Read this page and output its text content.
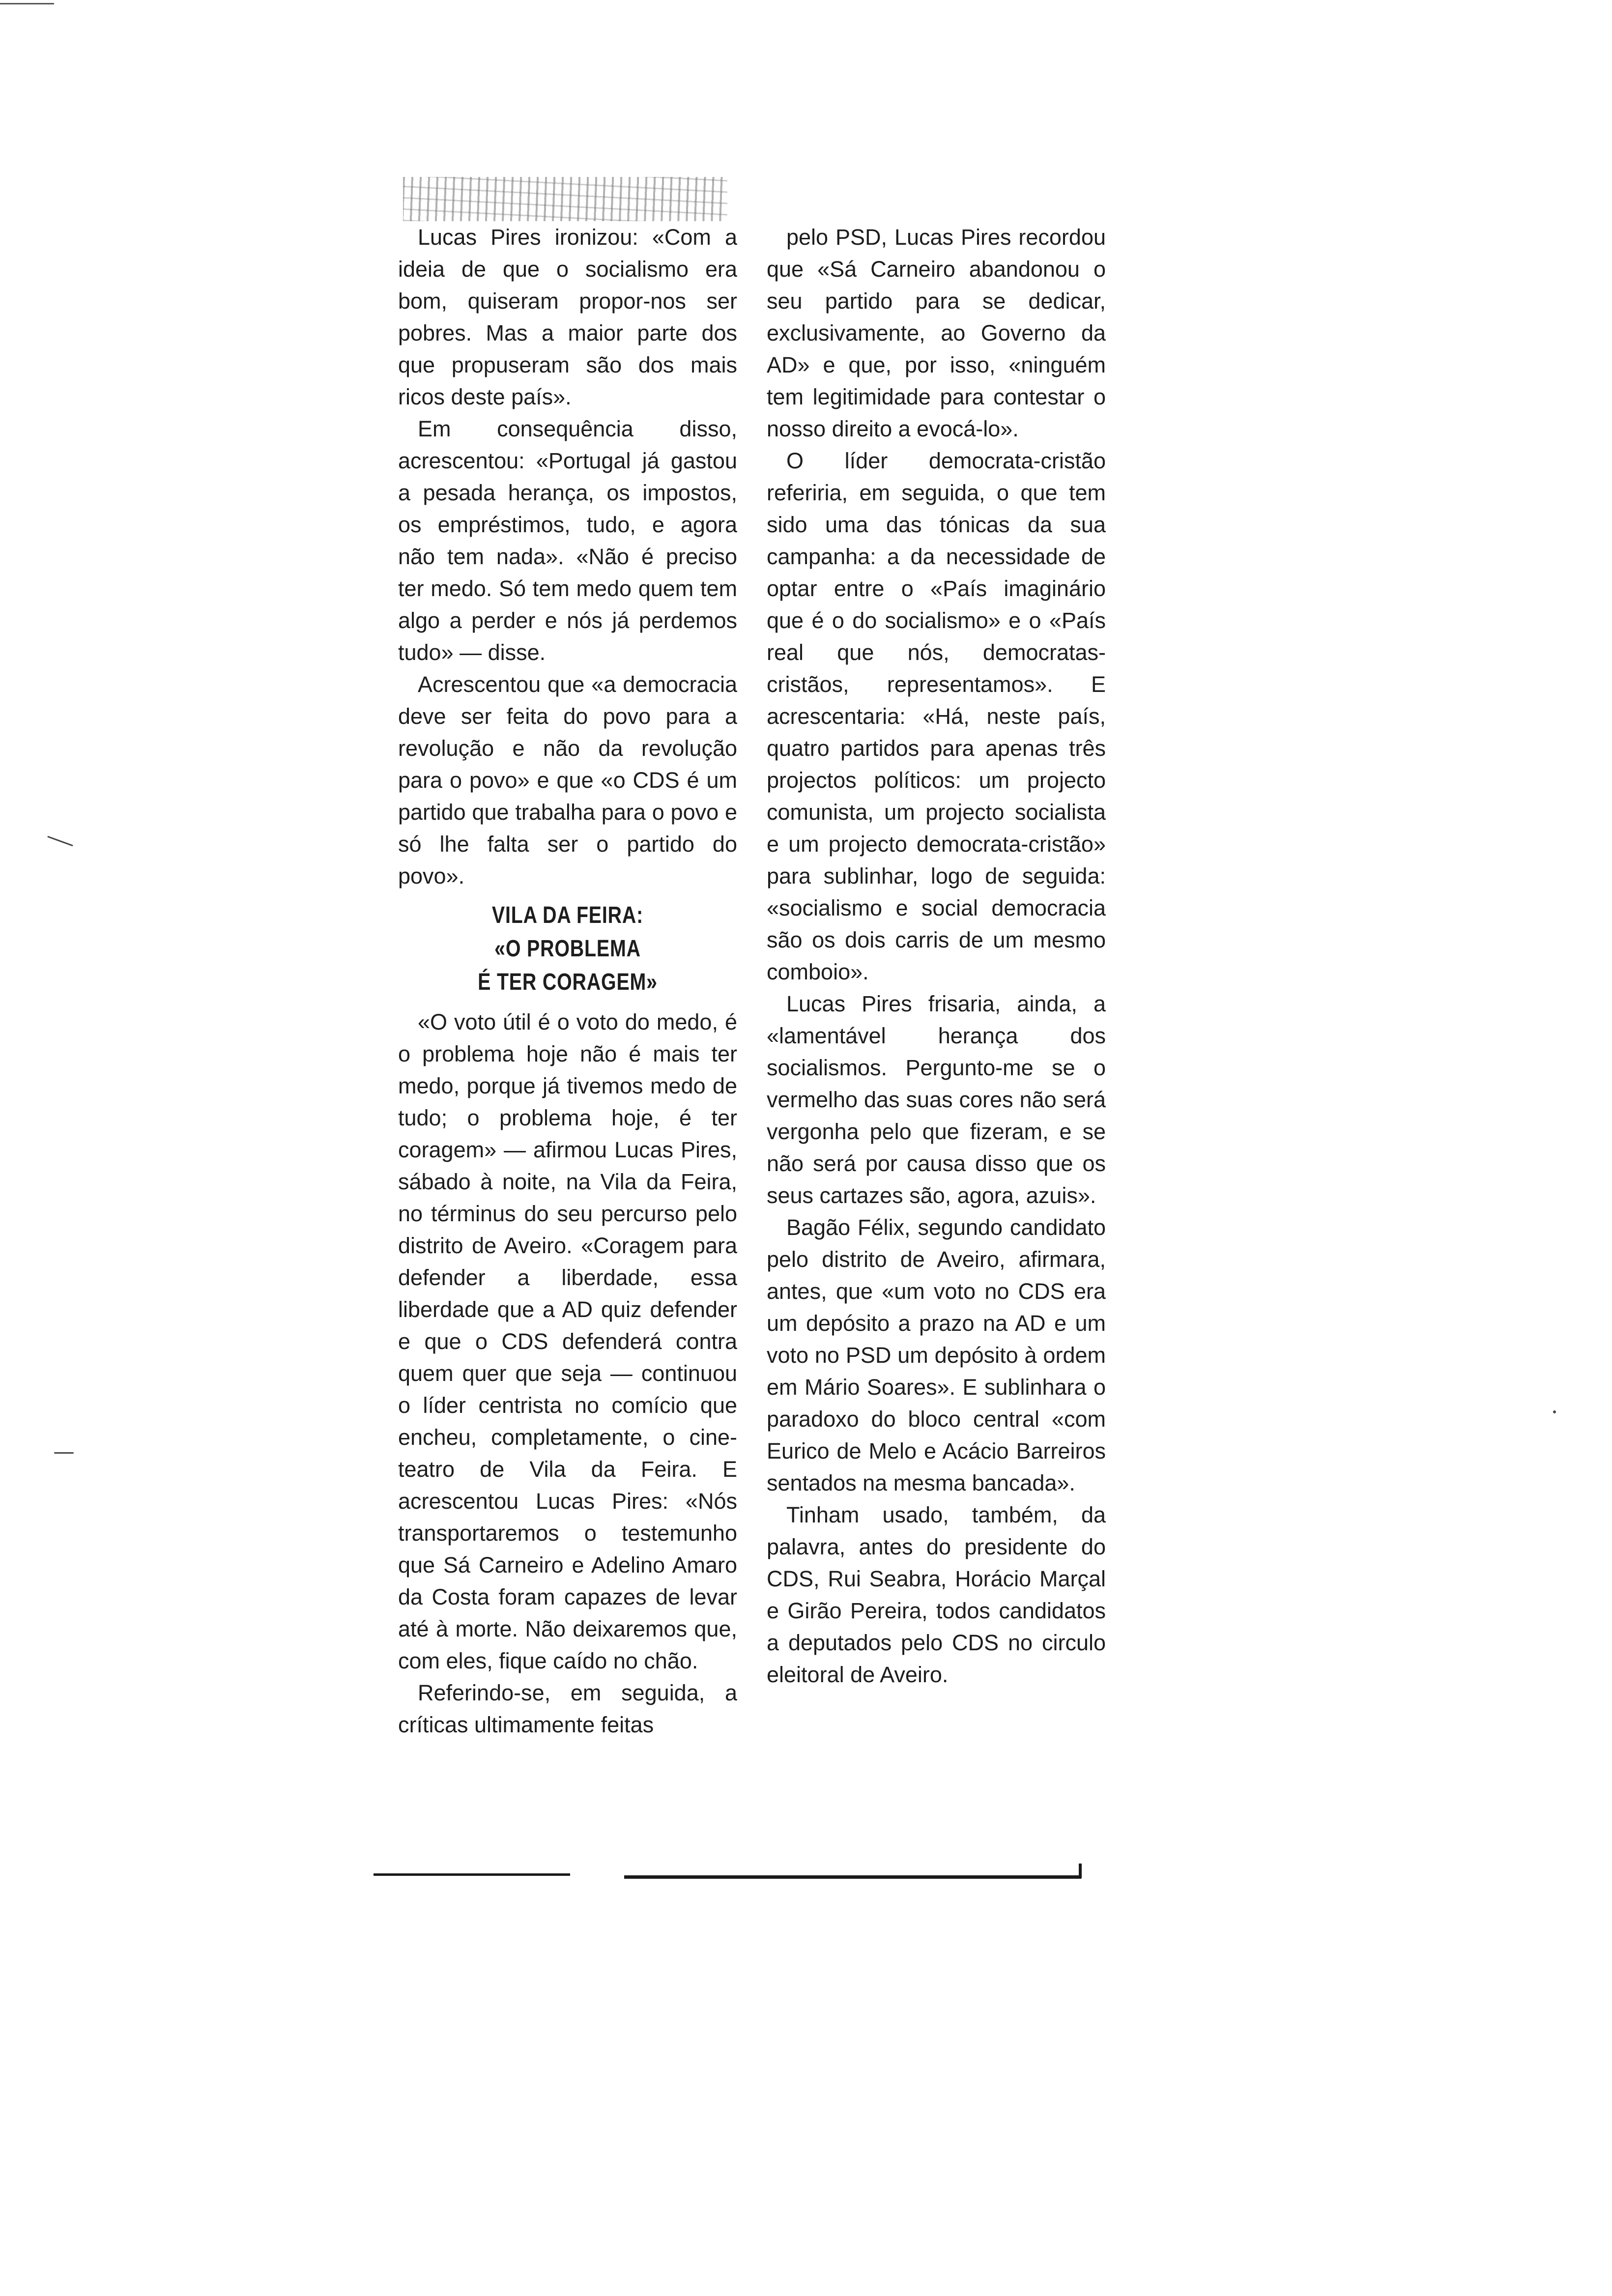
Lucas Pires ironizou: «Com a ideia de que o socialismo era bom, quiseram propor-nos ser pobres. Mas a maior parte dos que propuseram são dos mais ricos deste país».

Em consequência disso, acrescentou: «Portugal já gastou a pesada herança, os impostos, os empréstimos, tudo, e agora não tem nada». «Não é preciso ter medo. Só tem medo quem tem algo a perder e nós já perdemos tudo» — disse.

Acrescentou que «a democracia deve ser feita do povo para a revolução e não da revolução para o povo» e que «o CDS é um partido que trabalha para o povo e só lhe falta ser o partido do povo».

VILA DA FEIRA:
«O PROBLEMA
É TER CORAGEM»

«O voto útil é o voto do medo, é o problema hoje não é mais ter medo, porque já tivemos medo de tudo; o problema hoje, é ter coragem» — afirmou Lucas Pires, sábado à noite, na Vila da Feira, no términus do seu percurso pelo distrito de Aveiro. «Coragem para defender a liberdade, essa liberdade que a AD quiz defender e que o CDS defenderá contra quem quer que seja — continuou o líder centrista no comício que encheu, completamente, o cine-teatro de Vila da Feira. E acrescentou Lucas Pires: «Nós transportaremos o testemunho que Sá Carneiro e Adelino Amaro da Costa foram capazes de levar até à morte. Não deixaremos que, com eles, fique caído no chão.

Referindo-se, em seguida, a críticas ultimamente feitas

pelo PSD, Lucas Pires recordou que «Sá Carneiro abandonou o seu partido para se dedicar, exclusivamente, ao Governo da AD» e que, por isso, «ninguém tem legitimidade para contestar o nosso direito a evocá-lo».

O líder democrata-cristão referiria, em seguida, o que tem sido uma das tónicas da sua campanha: a da necessidade de optar entre o «País imaginário que é o do socialismo» e o «País real que nós, democratas-cristãos, representamos». E acrescentaria: «Há, neste país, quatro partidos para apenas três projectos políticos: um projecto comunista, um projecto socialista e um projecto democrata-cristão» para sublinhar, logo de seguida: «socialismo e social democracia são os dois carris de um mesmo comboio».

Lucas Pires frisaria, ainda, a «lamentável herança dos socialismos. Pergunto-me se o vermelho das suas cores não será vergonha pelo que fizeram, e se não será por causa disso que os seus cartazes são, agora, azuis».

Bagão Félix, segundo candidato pelo distrito de Aveiro, afirmara, antes, que «um voto no CDS era um depósito a prazo na AD e um voto no PSD um depósito à ordem em Mário Soares». E sublinhara o paradoxo do bloco central «com Eurico de Melo e Acácio Barreiros sentados na mesma bancada».

Tinham usado, também, da palavra, antes do presidente do CDS, Rui Seabra, Horácio Marçal e Girão Pereira, todos candidatos a deputados pelo CDS no circulo eleitoral de Aveiro.
